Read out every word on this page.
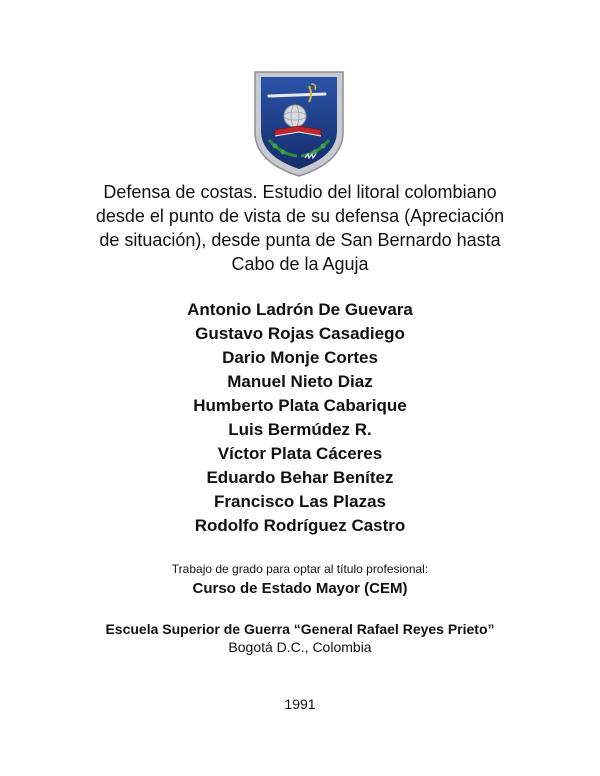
Defensa de costas. Estudio del litoral colombiano
desde el punto de vista de su defensa (Apreciación
de situación), desde punta de San Bernardo hasta
Cabo de la Aguja
Antonio Ladrón De Guevara
Gustavo Rojas Casadiego
Dario Monje Cortes
Manuel Nieto Diaz
Humberto Plata Cabarique
Luis Bermúdez R.
Víctor Plata Cáceres
Eduardo Behar Benítez
Francisco Las Plazas
Rodolfo Rodríguez Castro
Trabajo de grado para optar al título profesional:
Curso de Estado Mayor (CEM)
Escuela Superior de Guerra “General Rafael Reyes Prieto”
Bogotá D.C., Colombia
1991
